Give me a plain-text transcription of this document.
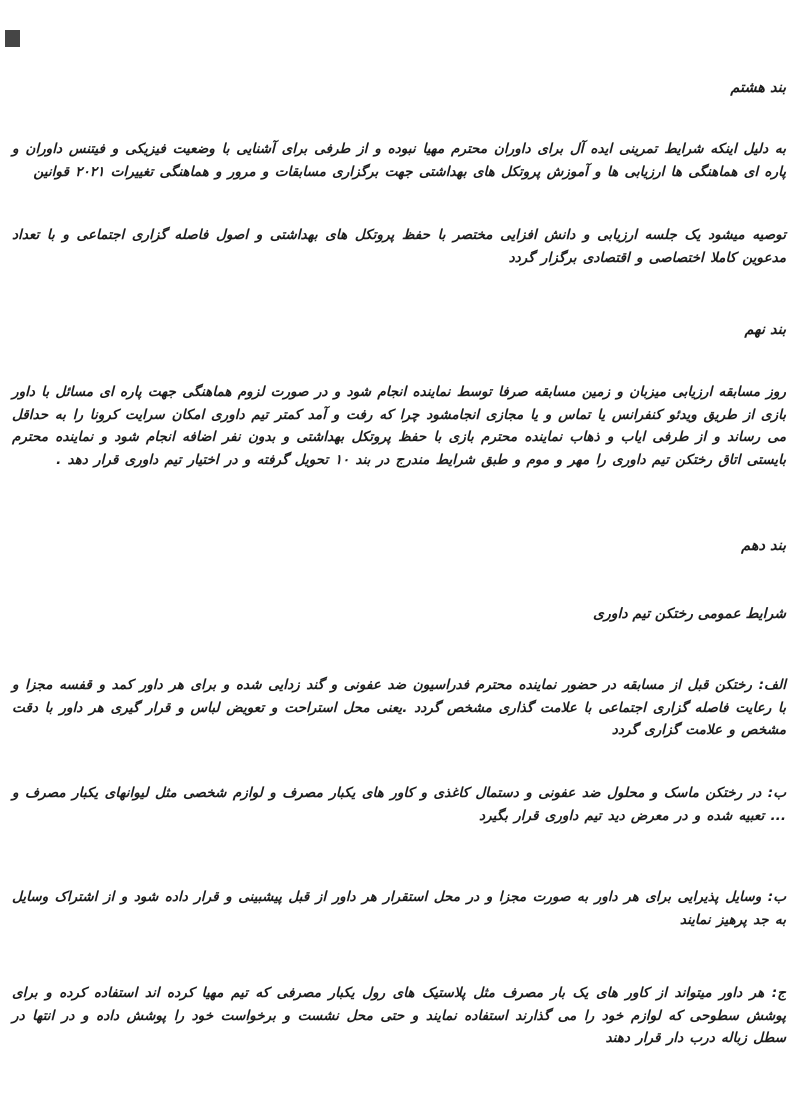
بند هشتم
به دلیل اینکه شرایط تمرینی ایده آل برای داوران محترم مهیا نبوده و از طرفی برای آشنایی با وضعیت فیزیکی و فیتنس داوران و پاره ای هماهنگی ها ارزیابی ها و آموزش پروتکل های بهداشتی جهت برگزاری مسابقات و مرور و هماهنگی تغییرات ۲۰۲۱ قوانین
توصیه میشود یک جلسه ارزیابی و دانش افزایی مختصر با حفظ پروتکل های بهداشتی و اصول فاصله گزاری اجتماعی و با تعداد مدعوین کاملا اختصاصی و اقتصادی برگزار گردد
بند نهم
روز مسابقه ارزیابی میزبان و زمین مسابقه صرفا توسط نماینده انجام شود و در صورت لزوم هماهنگی جهت پاره ای مسائل با داور بازی از طریق ویدئو کنفرانس یا تماس و یا مجازی انجامشود چرا که رفت و آمد کمتر تیم داوری امکان سرایت کرونا را به حداقل می رساند و از طرفی ایاب و ذهاب نماینده محترم بازی با حفظ پروتکل بهداشتی و بدون نفر اضافه انجام شود و نماینده محترم بایستی اتاق رختکن تیم داوری را مهر و موم و طبق شرایط مندرج در بند ۱۰ تحویل گرفته و در اختیار تیم داوری قرار دهد .
بند دهم
شرایط عمومی رختکن تیم داوری
الف: رختکن قبل از مسابقه در حضور نماینده محترم فدراسیون ضد عفونی و گند زدایی شده و برای هر داور کمد و قفسه مجزا و با رعایت فاصله گزاری اجتماعی با علامت گذاری مشخص گردد .یعنی محل استراحت و تعویض لباس و قرار گیری هر داور با دقت مشخص و علامت گزاری گردد
ب: در رختکن ماسک و محلول ضد عفونی و دستمال کاغذی و کاور های یکبار مصرف و لوازم شخصی مثل لیوانهای یکبار مصرف و ... تعبیه شده و در معرض دید تیم داوری قرار بگیرد
ب: وسایل پذیرایی برای هر داور به صورت مجزا و در محل استقرار هر داور از قبل پیشبینی و قرار داده شود و از اشتراک وسایل به جد پرهیز نمایند
ج: هر داور میتواند از کاور های یک بار مصرف مثل پلاستیک های رول یکبار مصرفی که تیم مهیا کرده اند استفاده کرده و برای پوشش سطوحی که لوازم خود را می گذارند استفاده نمایند و حتی محل نشست و برخواست خود را پوشش داده و در انتها در سطل زباله درب دار قرار دهند
